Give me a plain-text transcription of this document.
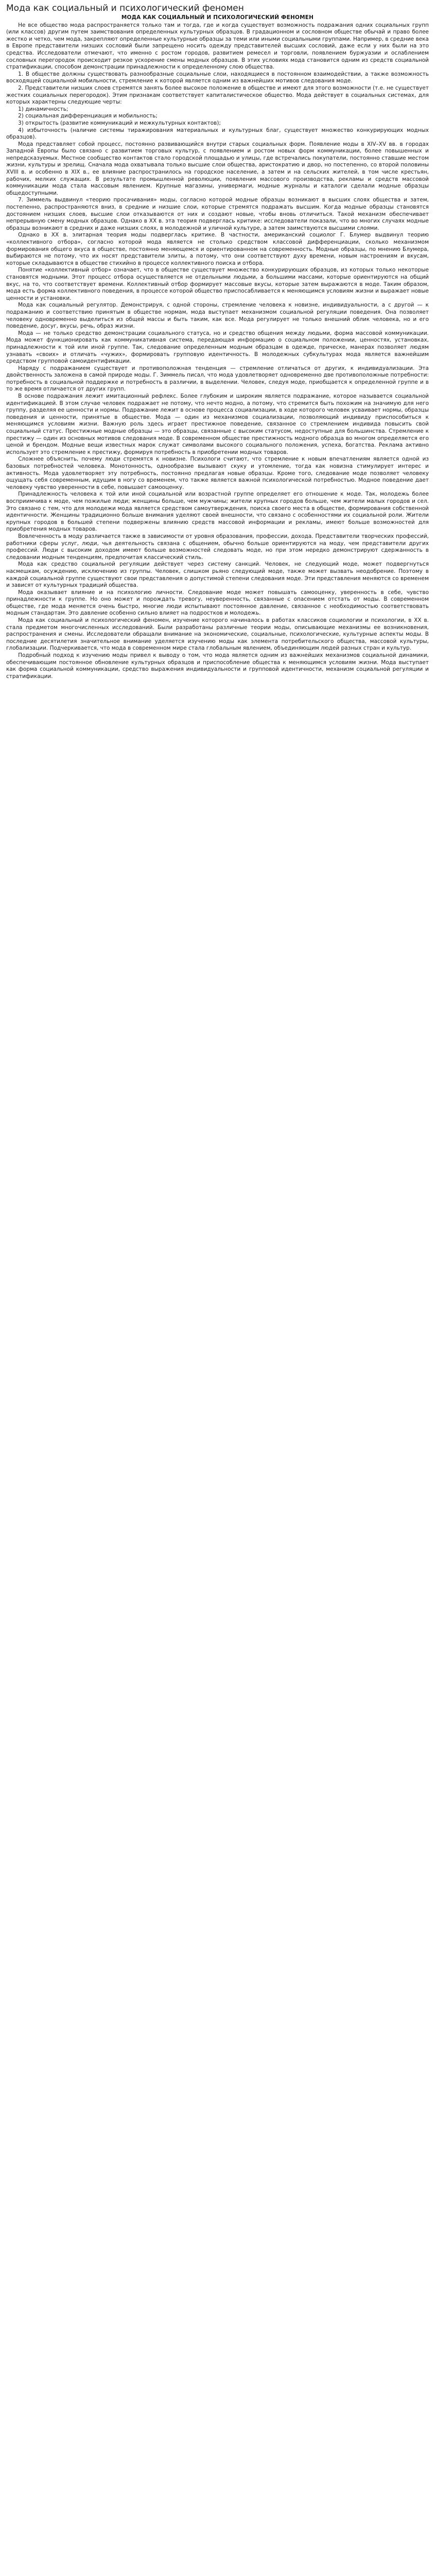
Мода как социальный и психологический феномен
МОДА КАК СОЦИАЛЬНЫЙ И ПСИХОЛОГИЧЕСКИЙ ФЕНОМЕН

Не все общество мода распространяется только там и тогда, где и когда существует возможность подражания одних социальных групп (или классов) другим путем заимствования определенных культурных образцов. В градационном и сословном обществе обычай и право более жестко и четко, чем мода, закрепляют определенные культурные образцы за теми или иными социальными группами. Например, в средние века в Европе представители низших сословий были запрещено носить одежду представителей высших сословий, даже если у них были на это средства. Исследователи отмечают, что именно с ростом городов, развитием ремесел и торговли, появлением буржуазии и ослаблением сословных перегородок происходит резкое ускорение смены модных образцов. В этих условиях мода становится одним из средств социальной стратификации, способом демонстрации принадлежности к определенному слою общества.

1. В обществе должны существовать разнообразные социальные слои, находящиеся в постоянном взаимодействии, а также возможность восходящей социальной мобильности, стремление к которой является одним из важнейших мотивов следования моде.

2. Представители низших слоев стремятся занять более высокое положение в обществе и имеют для этого возможности (т.е. не существует жестких социальных перегородок). Этим признакам соответствует капиталистическое общество. Мода действует в социальных системах, для которых характерны следующие черты:

1) динамичность;

2) социальная дифференциация и мобильность;

3) открытость (развитие коммуникаций и межкультурных контактов);

4) избыточность (наличие системы тиражирования материальных и культурных благ, существует множество конкурирующих модных образцов).

Мода представляет собой процесс, постоянно развивающийся внутри старых социальных форм. Появление моды в XIV–XV вв. в городах Западной Европы было связано с развитием торговых культур, с появлением и ростом новых форм коммуникации, более повышенных и непредсказуемых. Местное сообщество контактов стало городской площадью и улицы, где встречались покупатели, постоянно ставшие местом жизни, культуры и зрелищ. Сначала мода охватывала только высшие слои общества, аристократию и двор, но постепенно, со второй половины XVIII в. и особенно в XIX в., ее влияние распространилось на городское население, а затем и на сельских жителей, в том числе крестьян, рабочих, мелких служащих. В результате промышленной революции, появления массового производства, рекламы и средств массовой коммуникации мода стала массовым явлением. Крупные магазины, универмаги, модные журналы и каталоги сделали модные образцы общедоступными.

7. Зиммель выдвинул «теорию просачивания» моды, согласно которой модные образцы возникают в высших слоях общества и затем, постепенно, распространяются вниз, в средние и низшие слои, которые стремятся подражать высшим. Когда модные образцы становятся достоянием низших слоев, высшие слои отказываются от них и создают новые, чтобы вновь отличиться. Такой механизм обеспечивает непрерывную смену модных образцов. Однако в XX в. эта теория подверглась критике: исследователи показали, что во многих случаях модные образцы возникают в средних и даже низших слоях, в молодежной и уличной культуре, а затем заимствуются высшими слоями.

Однако в XX в. элитарная теория моды подверглась критике. В частности, американский социолог Г. Блумер выдвинул теорию «коллективного отбора», согласно которой мода является не столько средством классовой дифференциации, сколько механизмом формирования общего вкуса в обществе, постоянно меняющемся и ориентированном на современность. Модные образцы, по мнению Блумера, выбираются не потому, что их носят представители элиты, а потому, что они соответствуют духу времени, новым настроениям и вкусам, которые складываются в обществе стихийно в процессе коллективного поиска и отбора.

Понятие «коллективный отбор» означает, что в обществе существует множество конкурирующих образцов, из которых только некоторые становятся модными. Этот процесс отбора осуществляется не отдельными людьми, а большими массами, которые ориентируются на общий вкус, на то, что соответствует времени. Коллективный отбор формирует массовые вкусы, которые затем выражаются в моде. Таким образом, мода есть форма коллективного поведения, в процессе которой общество приспосабливается к меняющимся условиям жизни и выражает новые ценности и установки.

Мода как социальный регулятор. Демонстрируя, с одной стороны, стремление человека к новизне, индивидуальности, а с другой — к подражанию и соответствию принятым в обществе нормам, мода выступает механизмом социальной регуляции поведения. Она позволяет человеку одновременно выделиться из общей массы и быть таким, как все. Мода регулирует не только внешний облик человека, но и его поведение, досуг, вкусы, речь, образ жизни.

Мода — не только средство демонстрации социального статуса, но и средство общения между людьми, форма массовой коммуникации. Мода может функционировать как коммуникативная система, передающая информацию о социальном положении, ценностях, установках, принадлежности к той или иной группе. Так, следование определенным модным образцам в одежде, прическе, манерах позволяет людям узнавать «своих» и отличать «чужих», формировать групповую идентичность. В молодежных субкультурах мода является важнейшим средством групповой самоидентификации.

Наряду с подражанием существует и противоположная тенденция — стремление отличаться от других, к индивидуализации. Эта двойственность заложена в самой природе моды. Г. Зиммель писал, что мода удовлетворяет одновременно две противоположные потребности: потребность в социальной поддержке и потребность в различии, в выделении. Человек, следуя моде, приобщается к определенной группе и в то же время отличается от других групп.

В основе подражания лежит имитационный рефлекс. Более глубоким и широким является подражание, которое называется социальной идентификацией. В этом случае человек подражает не потому, что нечто модно, а потому, что стремится быть похожим на значимую для него группу, разделяя ее ценности и нормы. Подражание лежит в основе процесса социализации, в ходе которого человек усваивает нормы, образцы поведения и ценности, принятые в обществе. Мода — один из механизмов социализации, позволяющий индивиду приспособиться к меняющимся условиям жизни. Важную роль здесь играет престижное поведение, связанное со стремлением индивида повысить свой социальный статус. Престижные модные образцы — это образцы, связанные с высоким статусом, недоступные для большинства. Стремление к престижу — один из основных мотивов следования моде. В современном обществе престижность модного образца во многом определяется его ценой и брендом. Модные вещи известных марок служат символами высокого социального положения, успеха, богатства. Реклама активно использует это стремление к престижу, формируя потребность в приобретении модных товаров.

Сложнее объяснить, почему люди стремятся к новизне. Психологи считают, что стремление к новым впечатлениям является одной из базовых потребностей человека. Монотонность, однообразие вызывают скуку и утомление, тогда как новизна стимулирует интерес и активность. Мода удовлетворяет эту потребность, постоянно предлагая новые образцы. Кроме того, следование моде позволяет человеку ощущать себя современным, идущим в ногу со временем, что также является важной психологической потребностью. Модное поведение дает человеку чувство уверенности в себе, повышает самооценку.

Принадлежность человека к той или иной социальной или возрастной группе определяет его отношение к моде. Так, молодежь более восприимчива к моде, чем пожилые люди; женщины больше, чем мужчины; жители крупных городов больше, чем жители малых городов и сел. Это связано с тем, что для молодежи мода является средством самоутверждения, поиска своего места в обществе, формирования собственной идентичности. Женщины традиционно больше внимания уделяют своей внешности, что связано с особенностями их социальной роли. Жители крупных городов в большей степени подвержены влиянию средств массовой информации и рекламы, имеют больше возможностей для приобретения модных товаров.

Вовлеченность в моду различается также в зависимости от уровня образования, профессии, дохода. Представители творческих профессий, работники сферы услуг, люди, чья деятельность связана с общением, обычно больше ориентируются на моду, чем представители других профессий. Люди с высоким доходом имеют больше возможностей следовать моде, но при этом нередко демонстрируют сдержанность в следовании модным тенденциям, предпочитая классический стиль.

Мода как средство социальной регуляции действует через систему санкций. Человек, не следующий моде, может подвергнуться насмешкам, осуждению, исключению из группы. Человек, слишком рьяно следующий моде, также может вызвать неодобрение. Поэтому в каждой социальной группе существуют свои представления о допустимой степени следования моде. Эти представления меняются со временем и зависят от культурных традиций общества.

Мода оказывает влияние и на психологию личности. Следование моде может повышать самооценку, уверенность в себе, чувство принадлежности к группе. Но оно может и порождать тревогу, неуверенность, связанные с опасением отстать от моды. В современном обществе, где мода меняется очень быстро, многие люди испытывают постоянное давление, связанное с необходимостью соответствовать модным стандартам. Это давление особенно сильно влияет на подростков и молодежь.

Мода как социальный и психологический феномен, изучение которого начиналось в работах классиков социологии и психологии, в XX в. стала предметом многочисленных исследований. Были разработаны различные теории моды, описывающие механизмы ее возникновения, распространения и смены. Исследователи обращали внимание на экономические, социальные, психологические, культурные аспекты моды. В последние десятилетия значительное внимание уделяется изучению моды как элемента потребительского общества, массовой культуры, глобализации. Подчеркивается, что мода в современном мире стала глобальным явлением, объединяющим людей разных стран и культур.

Подробный подход к изучению моды привел к выводу о том, что мода является одним из важнейших механизмов социальной динамики, обеспечивающим постоянное обновление культурных образцов и приспособление общества к меняющимся условиям жизни. Мода выступает как форма социальной коммуникации, средство выражения индивидуальности и групповой идентичности, механизм социальной регуляции и стратификации.
